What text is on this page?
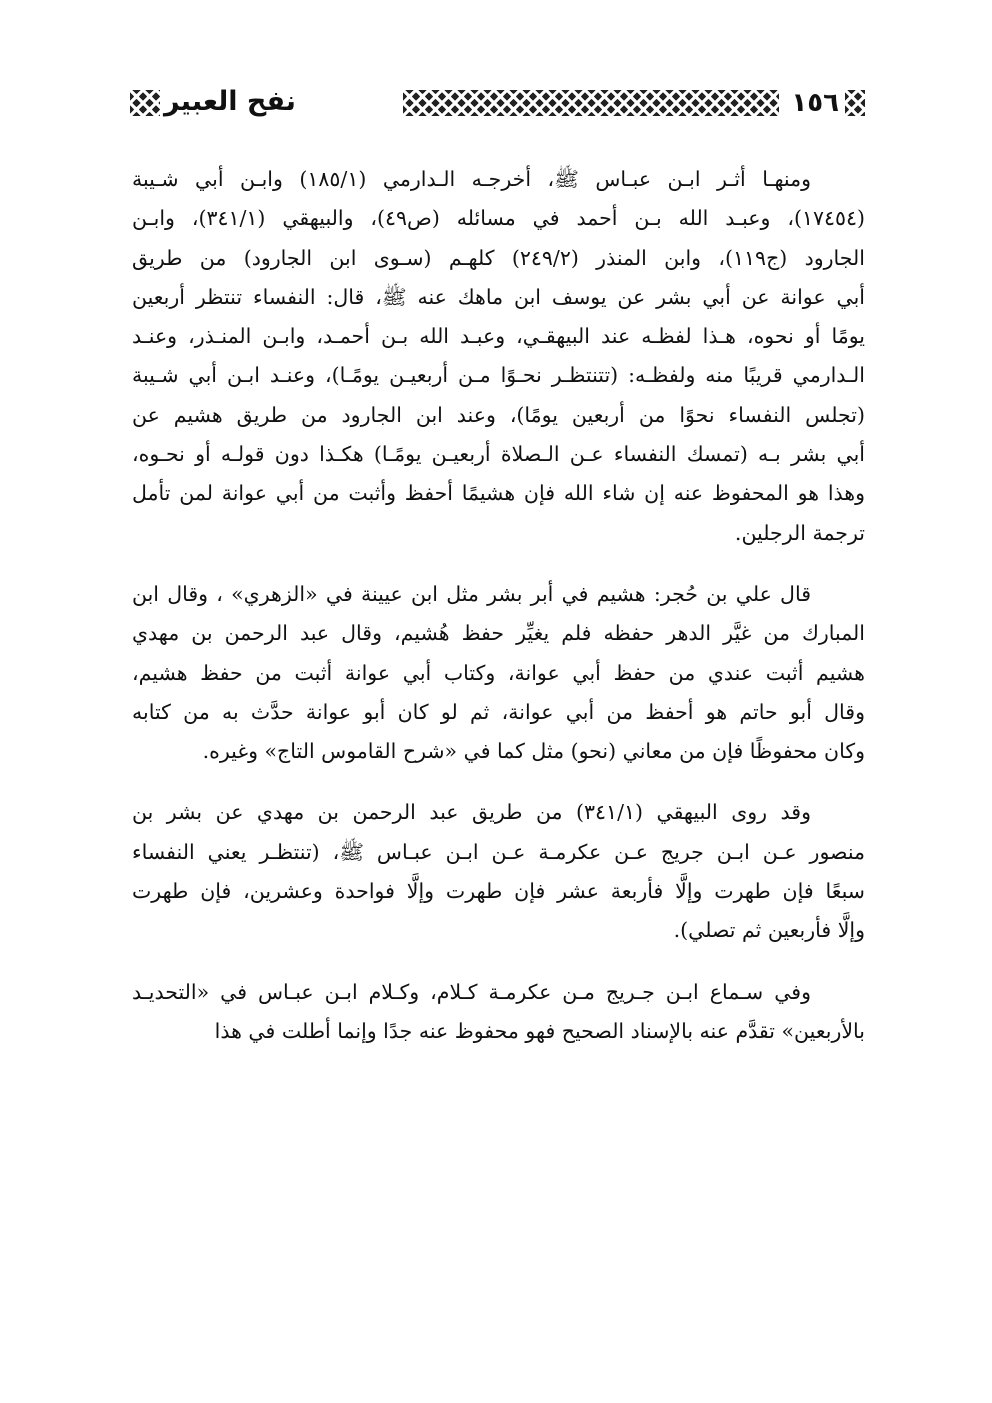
١٥٦
نفح العبير

ومنهـا أثـر ابـن عبـاس ﷺ، أخرجـه الـدارمي (١٨٥/١) وابـن أبي شـيبة
(١٧٤٥٤)، وعبـد الله بـن أحمد في مسائله (ص٤٩)، والبيهقي (٣٤١/١)، وابـن
الجارود (ج١١٩)، وابن المنذر (٢٤٩/٢) كلهـم (سـوى ابن الجارود) من طريق
أبي عوانة عن أبي بشر عن يوسف ابن ماهك عنه ﷺ، قال: النفساء تنتظر أربعين
يومًا أو نحوه، هـذا لفظـه عند البيهقـي، وعبـد الله بـن أحمـد، وابـن المنـذر، وعنـد
الـدارمي قريبًا منه ولفظـه: (تتنتظـر نحـوًا مـن أربعيـن يومًـا)، وعنـد ابـن أبي شـيبة
(تجلس النفساء نحوًا من أربعين يومًا)، وعند ابن الجارود من طريق هشيم عن
أبي بشر بـه (تمسك النفساء عـن الـصلاة أربعيـن يومًـا) هكـذا دون قولـه أو نحـوه،
وهذا هو المحفوظ عنه إن شاء الله فإن هشيمًا أحفظ وأثبت من أبي عوانة لمن تأمل
ترجمة الرجلين.

قال علي بن حُجر: هشيم في أبر بشر مثل ابن عيينة في «الزهري» ، وقال ابن
المبارك من غيَّر الدهر حفظه فلم يغيِّر حفظ هُشيم، وقال عبد الرحمن بن مهدي
هشيم أثبت عندي من حفظ أبي عوانة، وكتاب أبي عوانة أثبت من حفظ هشيم،
وقال أبو حاتم هو أحفظ من أبي عوانة، ثم لو كان أبو عوانة حدَّث به من كتابه
وكان محفوظًا فإن من معاني (نحو) مثل كما في «شرح القاموس التاج» وغيره.

وقد روى البيهقي (٣٤١/١) من طريق عبد الرحمن بن مهدي عن بشر بن
منصور عـن ابـن جريج عـن عكرمـة عـن ابـن عبـاس ﷺ، (تنتظـر يعني النفساء
سبعًا فإن طهرت وإلَّا فأربعة عشر فإن طهرت وإلَّا فواحدة وعشرين، فإن طهرت
وإلَّا فأربعين ثم تصلي).

وفي سـماع ابـن جـريج مـن عكرمـة كـلام، وكـلام ابـن عبـاس في «التحديـد
بالأربعين» تقدَّم عنه بالإسناد الصحيح فهو محفوظ عنه جدًا وإنما أطلت في هذا
